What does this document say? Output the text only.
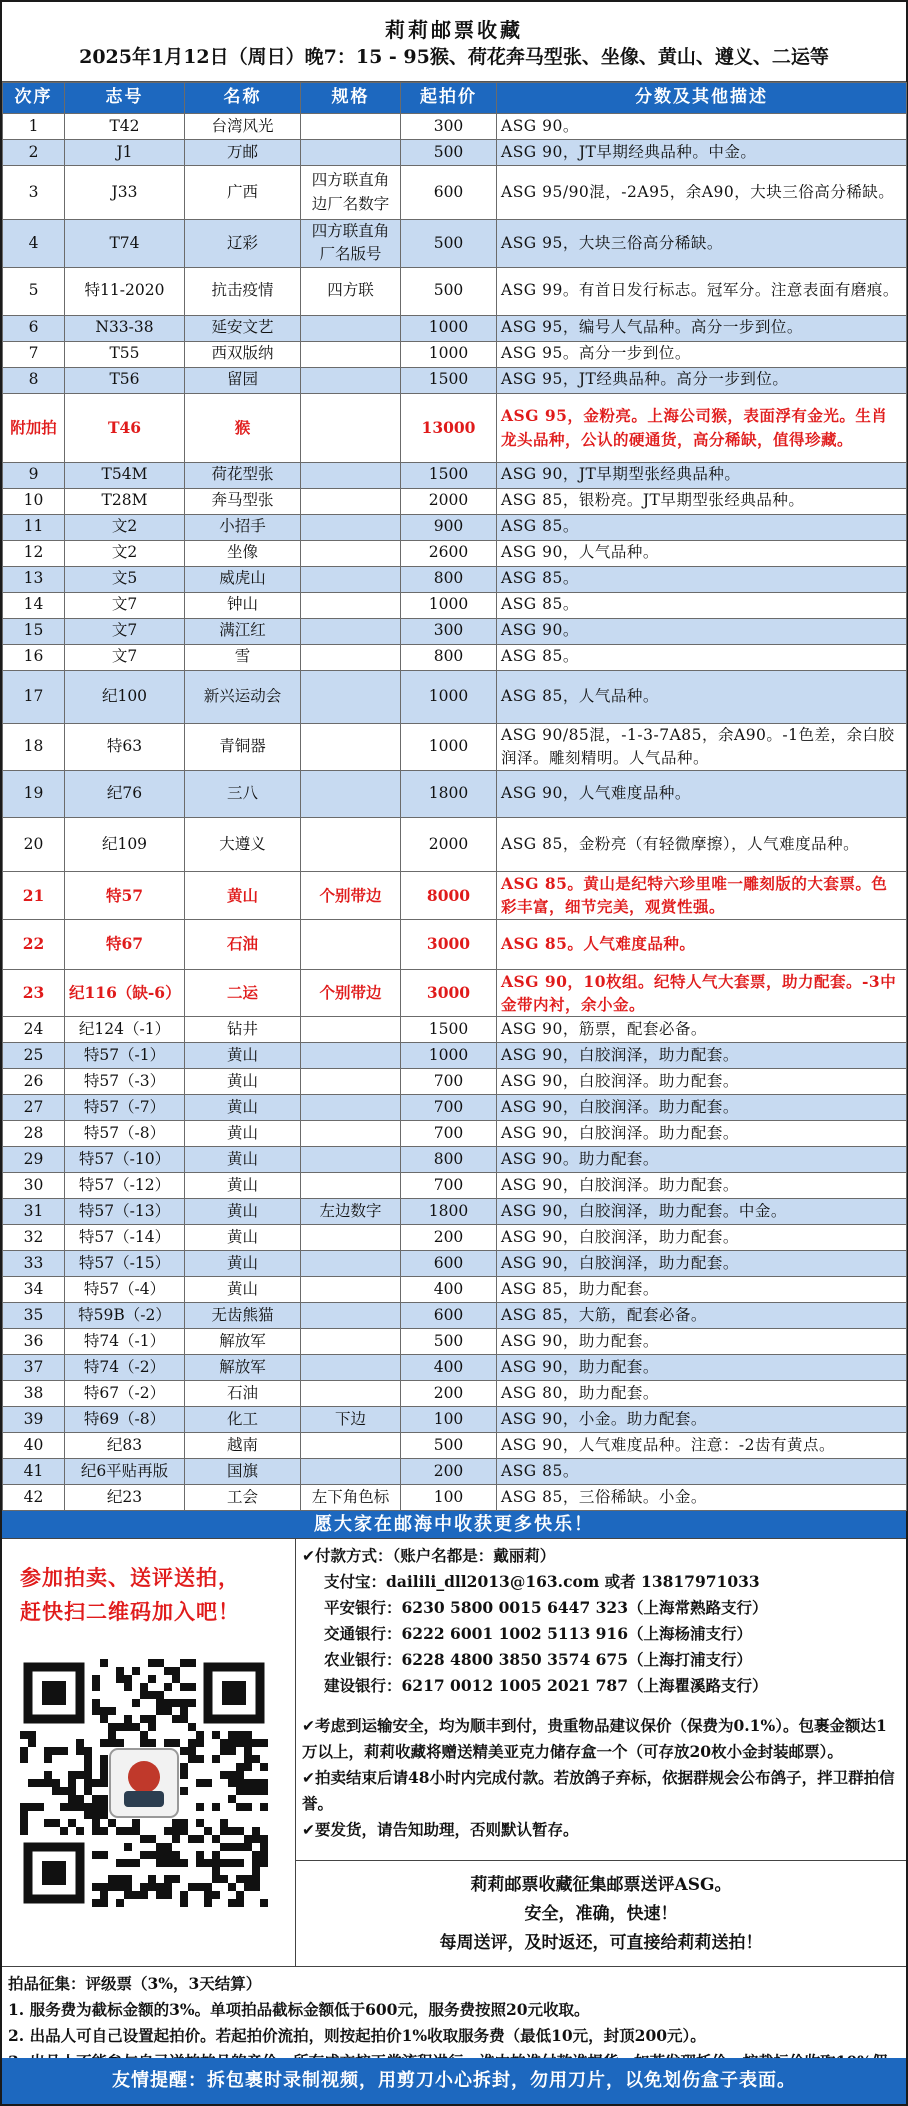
莉莉邮票收藏
2025年1月12日（周日）晚7：15 - 95猴、荷花奔马型张、坐像、黄山、遵义、二运等
次序	志号	名称	规格	起拍价	分数及其他描述
1	T42	台湾风光		300	ASG 90。
2	J1	万邮		500	ASG 90，JT早期经典品种。中金。
3	J33	广西	四方联直角边厂名数字	600	ASG 95/90混，-2A95，余A90，大块三俗高分稀缺。
4	T74	辽彩	四方联直角厂名版号	500	ASG 95，大块三俗高分稀缺。
5	特11-2020	抗击疫情	四方联	500	ASG 99。有首日发行标志。冠军分。注意表面有磨痕。
6	N33-38	延安文艺		1000	ASG 95，编号人气品种。高分一步到位。
7	T55	西双版纳		1000	ASG 95。高分一步到位。
8	T56	留园		1500	ASG 95，JT经典品种。高分一步到位。
附加拍	T46	猴		13000	ASG 95，金粉亮。上海公司猴，表面浮有金光。生肖龙头品种，公认的硬通货，高分稀缺，值得珍藏。
9	T54M	荷花型张		1500	ASG 90，JT早期型张经典品种。
10	T28M	奔马型张		2000	ASG 85，银粉亮。JT早期型张经典品种。
11	文2	小招手		900	ASG 85。
12	文2	坐像		2600	ASG 90，人气品种。
13	文5	威虎山		800	ASG 85。
14	文7	钟山		1000	ASG 85。
15	文7	满江红		300	ASG 90。
16	文7	雪		800	ASG 85。
17	纪100	新兴运动会		1000	ASG 85，人气品种。
18	特63	青铜器		1000	ASG 90/85混，-1-3-7A85，余A90。-1色差，余白胶润泽。雕刻精明。人气品种。
19	纪76	三八		1800	ASG 90，人气难度品种。
20	纪109	大遵义		2000	ASG 85，金粉亮（有轻微摩擦），人气难度品种。
21	特57	黄山	个别带边	8000	ASG 85。黄山是纪特六珍里唯一雕刻版的大套票。色彩丰富，细节完美，观赏性强。
22	特67	石油		3000	ASG 85。人气难度品种。
23	纪116（缺-6）	二运	个别带边	3000	ASG 90，10枚组。纪特人气大套票，助力配套。-3中金带内衬，余小金。
24	纪124（-1）	钻井		1500	ASG 90，筋票，配套必备。
25	特57（-1）	黄山		1000	ASG 90，白胶润泽，助力配套。
26	特57（-3）	黄山		700	ASG 90，白胶润泽。助力配套。
27	特57（-7）	黄山		700	ASG 90，白胶润泽。助力配套。
28	特57（-8）	黄山		700	ASG 90，白胶润泽。助力配套。
29	特57（-10）	黄山		800	ASG 90。助力配套。
30	特57（-12）	黄山		700	ASG 90，白胶润泽。助力配套。
31	特57（-13）	黄山	左边数字	1800	ASG 90，白胶润泽，助力配套。中金。
32	特57（-14）	黄山		200	ASG 90，白胶润泽，助力配套。
33	特57（-15）	黄山		600	ASG 90，白胶润泽，助力配套。
34	特57（-4）	黄山		400	ASG 85，助力配套。
35	特59B（-2）	无齿熊猫		600	ASG 85，大筋，配套必备。
36	特74（-1）	解放军		500	ASG 90，助力配套。
37	特74（-2）	解放军		400	ASG 90，助力配套。
38	特67（-2）	石油		200	ASG 80，助力配套。
39	特69（-8）	化工	下边	100	ASG 90，小金。助力配套。
40	纪83	越南		500	ASG 90，人气难度品种。注意：-2齿有黄点。
41	纪6平贴再版	国旗		200	ASG 85。
42	纪23	工会	左下角色标	100	ASG 85，三俗稀缺。小金。
愿大家在邮海中收获更多快乐！
参加拍卖、送评送拍，
赶快扫二维码加入吧！
✔付款方式：（账户名都是：戴丽莉）
支付宝：dailili_dll2013@163.com 或者 13817971033
平安银行：6230 5800 0015 6447 323（上海常熟路支行）
交通银行：6222 6001 1002 5113 916（上海杨浦支行）
农业银行：6228 4800 3850 3574 675（上海打浦支行）
建设银行：6217 0012 1005 2021 787（上海瞿溪路支行）
✔考虑到运输安全，均为顺丰到付，贵重物品建议保价（保费为0.1%）。包裹金额达1万以上，莉莉收藏将赠送精美亚克力储存盒一个（可存放20枚小金封装邮票）。
✔拍卖结束后请48小时内完成付款。若放鸽子弃标，依据群规会公布鸽子，拌卫群拍信誉。
✔要发货，请告知助理，否则默认暂存。
莉莉邮票收藏征集邮票送评ASG。
安全，准确，快速！
每周送评，及时返还，可直接给莉莉送拍！
拍品征集：评级票（3%，3天结算）
1. 服务费为截标金额的3%。单项拍品截标金额低于600元，服务费按照20元收取。
2. 出品人可自己设置起拍价。若起拍价流拍，则按起拍价1%收取服务费（最低10元，封顶200元）。
友情提醒：拆包裹时录制视频，用剪刀小心拆封，勿用刀片，以免划伤盒子表面。
